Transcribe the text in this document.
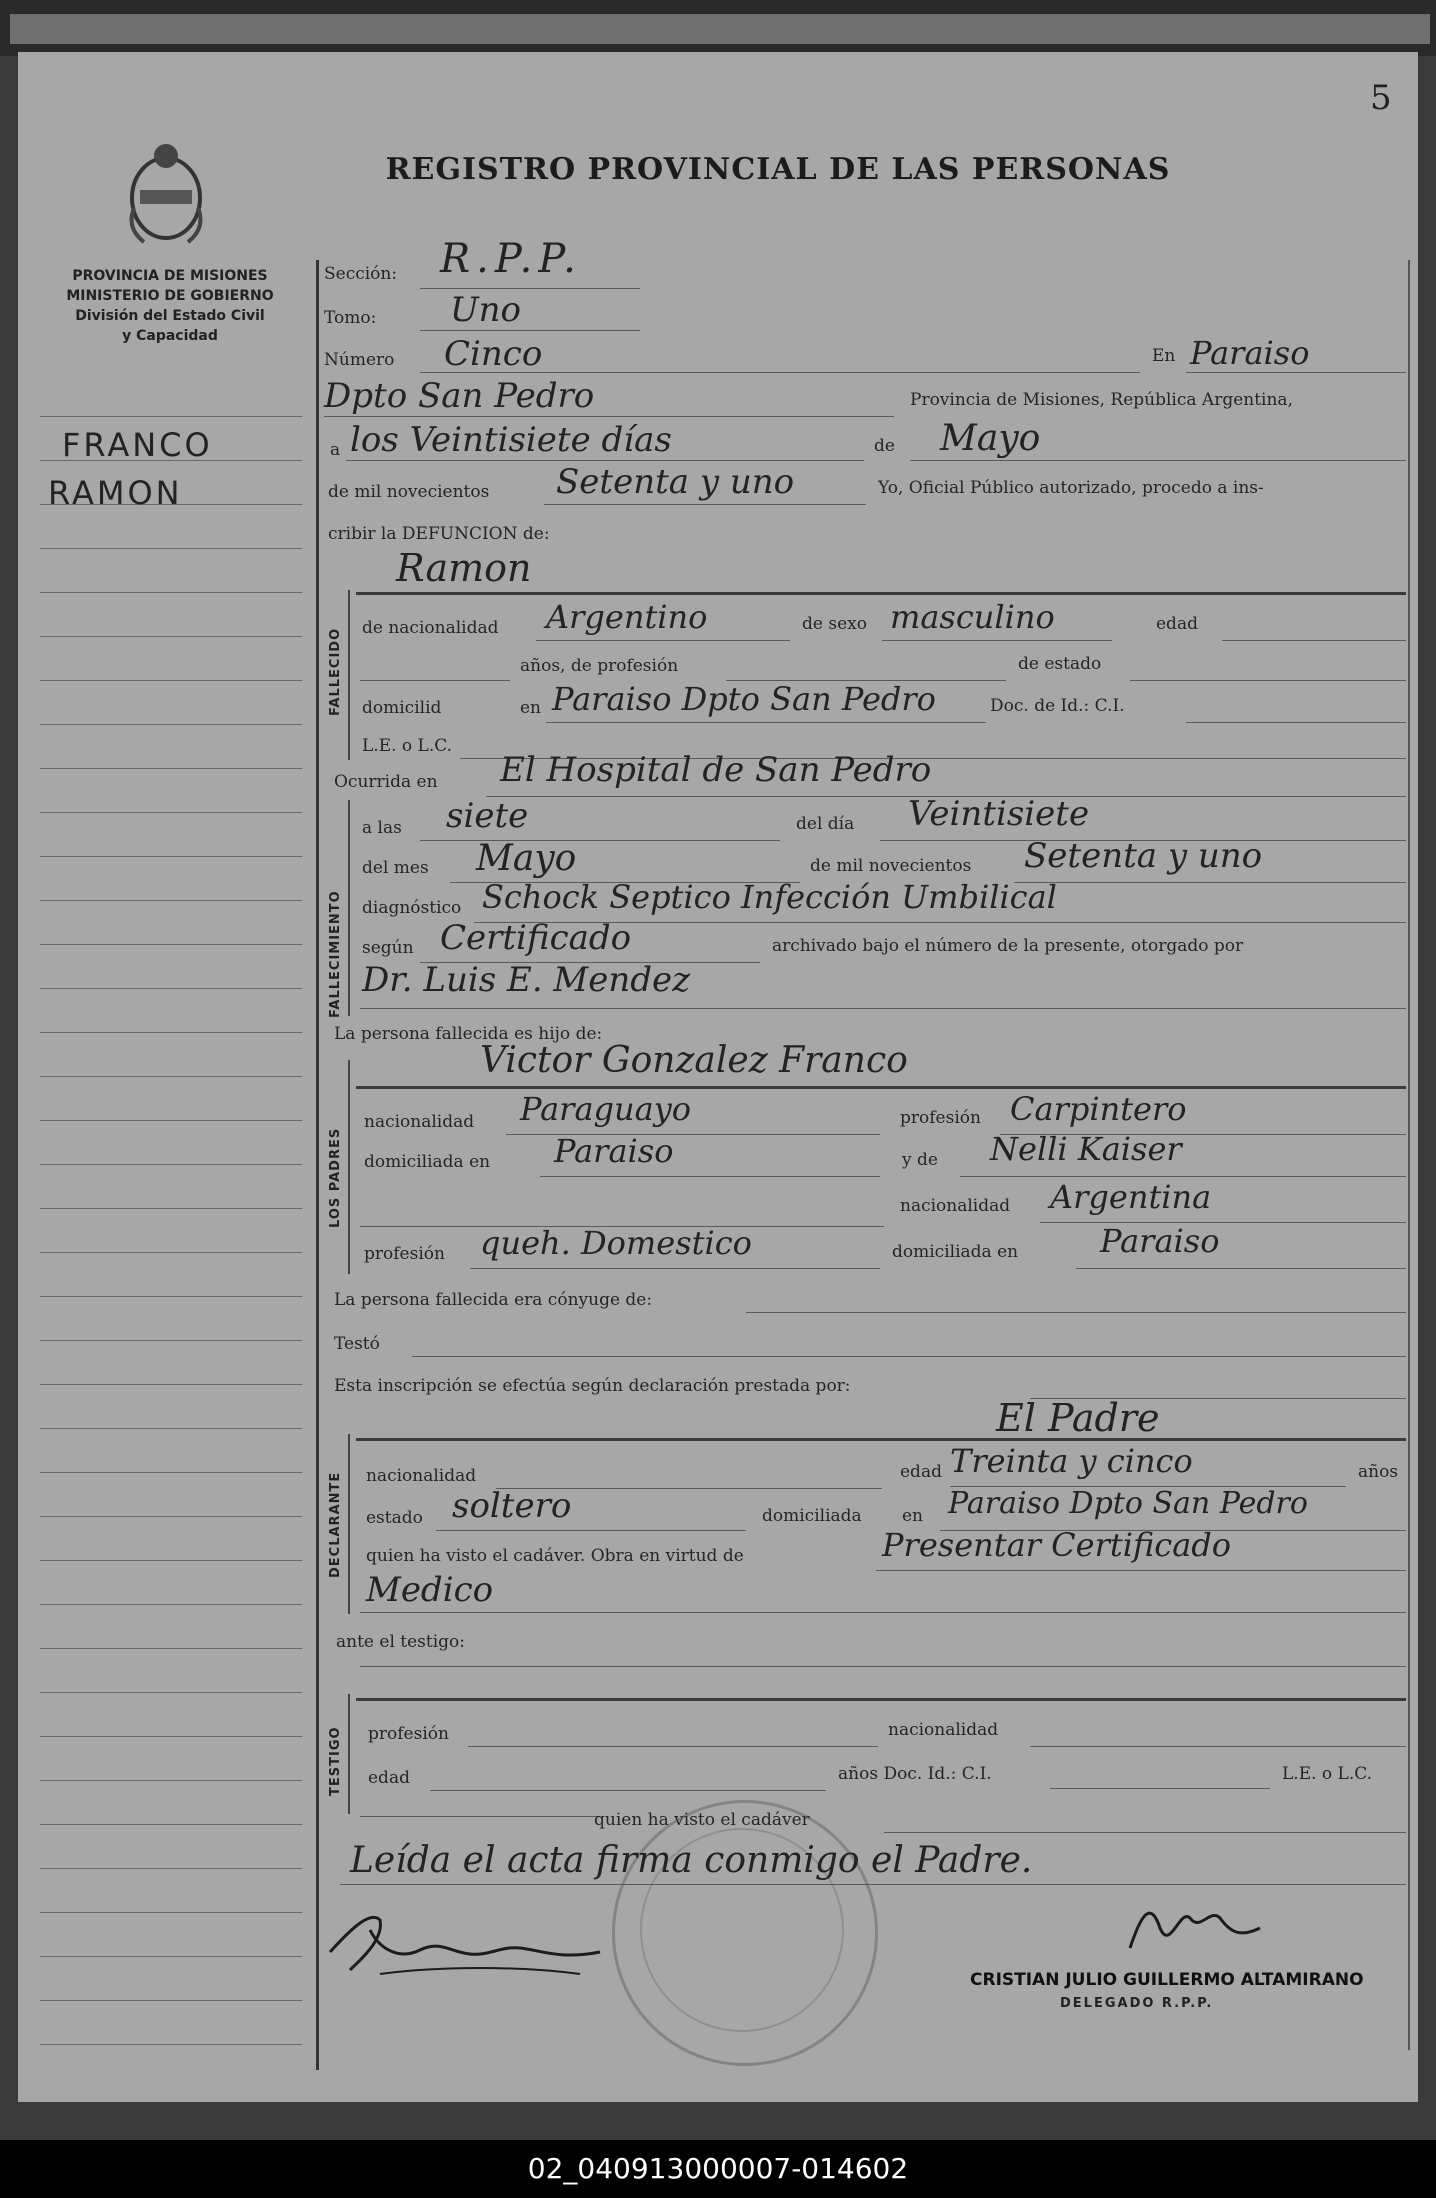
5
REGISTRO PROVINCIAL DE LAS PERSONAS
PROVINCIA DE MISIONES
MINISTERIO DE GOBIERNO
División del Estado Civil
y Capacidad
FRANCO
RAMON
Sección: R.P.P.
Tomo: Uno
Número Cinco	En Paraiso
Dpto San Pedro	Provincia de Misiones, República Argentina,
a los Veintisiete días	de Mayo
de mil novecientos Setenta y uno	Yo, Oficial Público autorizado, procedo a ins-
cribir la DEFUNCION de:
FALLECIDO
Ramon
de nacionalidad Argentino	de sexo masculino	edad
años, de profesión	de estado
domicilid	en Paraiso Dpto San Pedro	Doc. de Id.: C.I.
L.E. o L.C.
Ocurrida en El Hospital de San Pedro
FALLECIMIENTO
a las siete	del día Veintisiete
del mes Mayo	de mil novecientos Setenta y uno
diagnóstico Schock Septico Infección Umbilical
según Certificado	archivado bajo el número de la presente, otorgado por
Dr. Luis E. Mendez
La persona fallecida es hijo de:
LOS PADRES
Victor Gonzalez Franco
nacionalidad Paraguayo	profesión Carpintero
domiciliada en Paraiso	y de Nelli Kaiser
nacionalidad Argentina
profesión queh. Domestico	domiciliada en	Paraiso
La persona fallecida era cónyuge de:
Testó
Esta inscripción se efectúa según declaración prestada por:
DECLARANTE
El Padre
nacionalidad	edad Treinta y cinco	años
estado soltero	domiciliada en Paraiso Dpto San Pedro
quien ha visto el cadáver. Obra en virtud de	Presentar Certificado
Medico
ante el testigo:
TESTIGO profesión	nacionalidad
edad	años Doc. Id.: C.I.	L.E. o L.C.
quien ha visto el cadáver
Leída el acta firma conmigo el Padre.
CRISTIAN JULIO GUILLERMO ALTAMIRANO
DELEGADO R.P.P.
02_040913000007-014602
